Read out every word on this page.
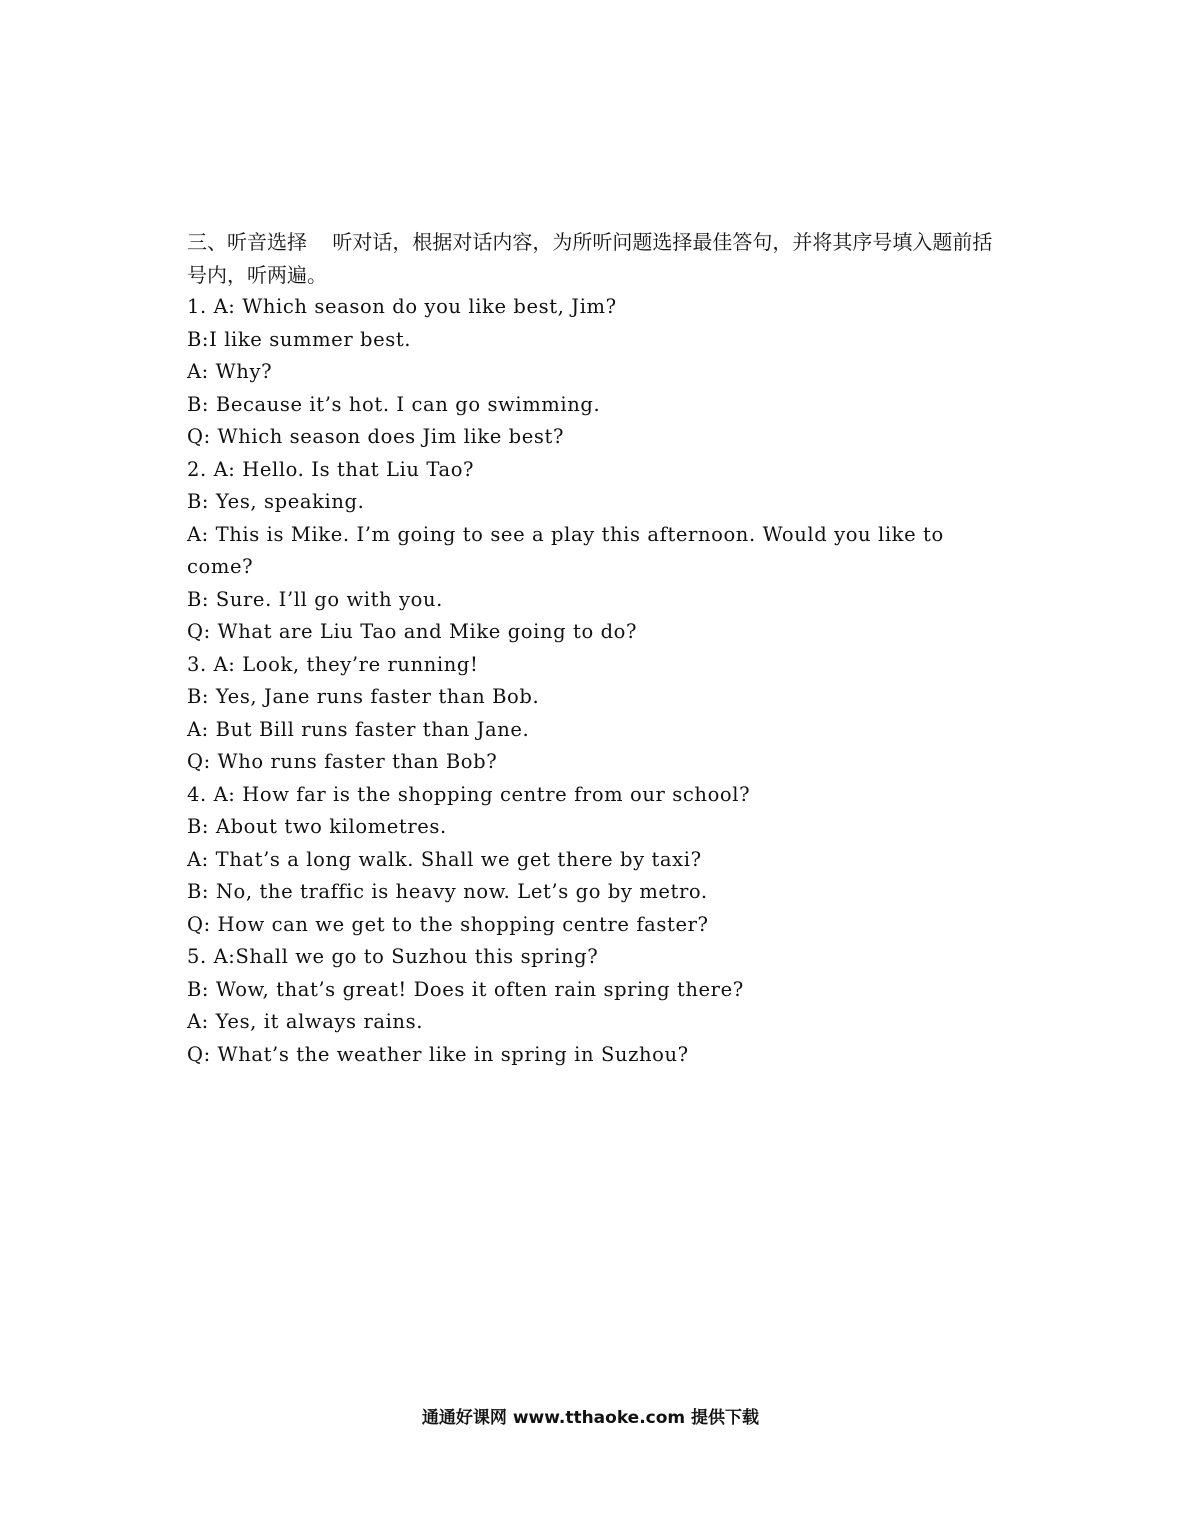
三、听音选择    听对话，根据对话内容，为所听问题选择最佳答句，并将其序号填入题前括号内，听两遍。

1. A: Which season do you like best, Jim?
B:I like summer best.
A: Why?
B: Because it’s hot. I can go swimming.
Q: Which season does Jim like best?
2. A: Hello. Is that Liu Tao?
B: Yes, speaking.
A: This is Mike. I’m going to see a play this afternoon. Would you like to come?
B: Sure. I’ll go with you.
Q: What are Liu Tao and Mike going to do?
3. A: Look, they’re running!
B: Yes, Jane runs faster than Bob.
A: But Bill runs faster than Jane.
Q: Who runs faster than Bob?
4. A: How far is the shopping centre from our school?
B: About two kilometres.
A: That’s a long walk. Shall we get there by taxi?
B: No, the traffic is heavy now. Let’s go by metro.
Q: How can we get to the shopping centre faster?
5. A:Shall we go to Suzhou this spring?
B: Wow, that’s great! Does it often rain spring there?
A: Yes, it always rains.
Q: What’s the weather like in spring in Suzhou?
通通好课网 www.tthaoke.com 提供下载
